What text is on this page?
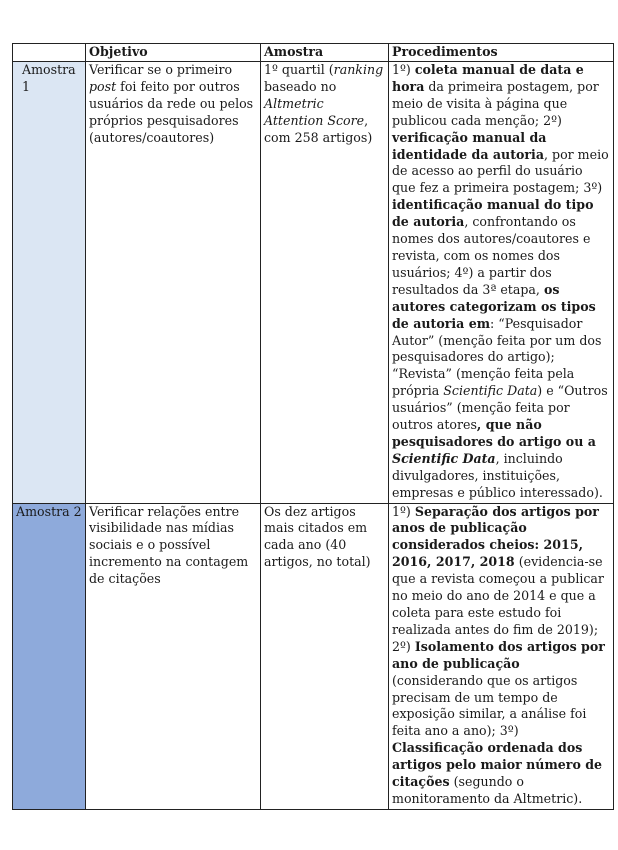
	Objetivo	Amostra	Procedimentos
Amostra 1	Verificar se o primeiro post foi feito por outros usuários da rede ou pelos próprios pesquisadores (autores/coautores)	1º quartil (ranking baseado no Altmetric Attention Score, com 258 artigos)	1º) coleta manual de data e hora da primeira postagem, por meio de visita à página que publicou cada menção; 2º) verificação manual da identidade da autoria, por meio de acesso ao perfil do usuário que fez a primeira postagem; 3º) identificação manual do tipo de autoria, confrontando os nomes dos autores/coautores e revista, com os nomes dos usuários; 4º) a partir dos resultados da 3ª etapa, os autores categorizam os tipos de autoria em: “Pesquisador Autor” (menção feita por um dos pesquisadores do artigo); “Revista” (menção feita pela própria Scientific Data) e “Outros usuários” (menção feita por outros atores, que não pesquisadores do artigo ou a Scientific Data, incluindo divulgadores, instituições, empresas e público interessado).
Amostra 2	Verificar relações entre visibilidade nas mídias sociais e o possível incremento na contagem de citações	Os dez artigos mais citados em cada ano (40 artigos, no total)	1º) Separação dos artigos por anos de publicação considerados cheios: 2015, 2016, 2017, 2018 (evidencia-se que a revista começou a publicar no meio do ano de 2014 e que a coleta para este estudo foi realizada antes do fim de 2019); 2º) Isolamento dos artigos por ano de publicação (considerando que os artigos precisam de um tempo de exposição similar, a análise foi feita ano a ano); 3º) Classificação ordenada dos artigos pelo maior número de citações (segundo o monitoramento da Altmetric).
